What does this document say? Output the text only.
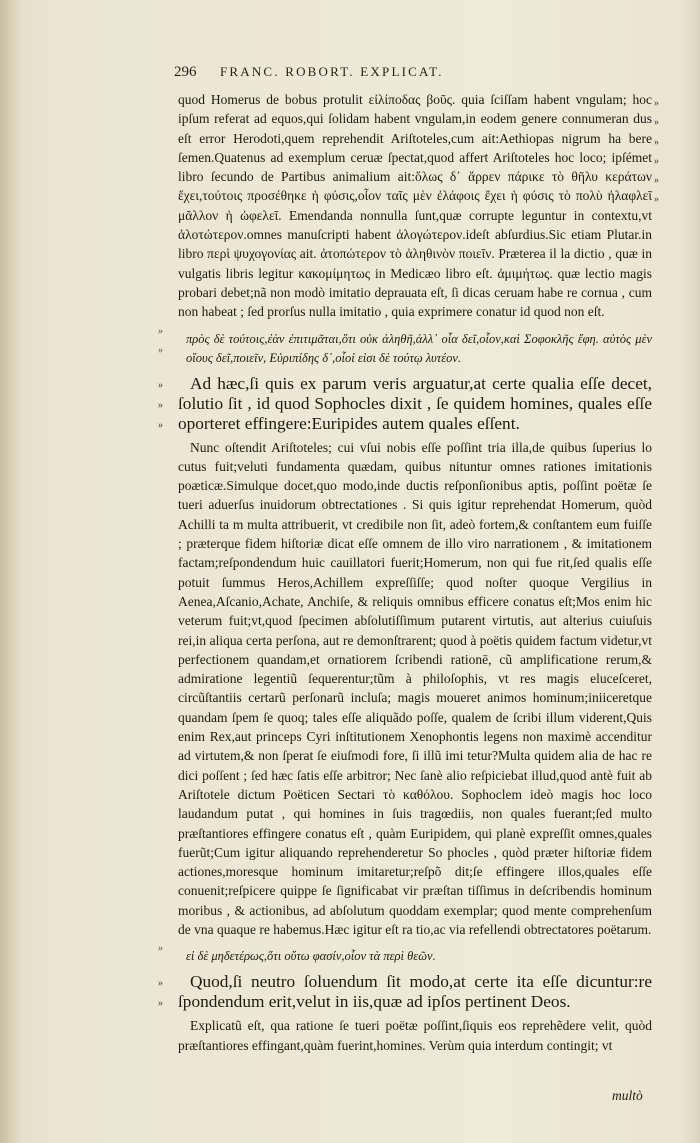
296 FRANC. ROBORT. EXPLICAT.
»
»
»
»
»
»

quod Homerus de bobus protulit εἰλίποδας βοῦς. quia ſciſſam habent vngulam; hoc ipſum referat ad equos,qui ſolidam habent vngulam,in eodem genere connumeran dus eſt error Herodoti,quem reprehendit Ariſtoteles,cum ait:Aethiopas nigrum ha bere ſemen.Quatenus ad exemplum ceruæ ſpectat,quod affert Ariſtoteles hoc loco; ipſémet libro ſecundo de Partibus animalium ait:ὅλως δ᾽ ἄρρεν πάρικε τὸ θῆλυ κεράτων ἔχει,τούτοις προσέθηκε ἡ φύσις,οἷον ταῖς μὲν ἐλάφοις ἔχει ἡ φύσις τὸ πολὺ ἠλαφλεῖ μᾶλλον ἡ ὠφελεῖ. Emendanda nonnulla ſunt,quæ corrupte leguntur in contextu,vt ἀλοτώτερον.omnes manuſcripti habent ἀλογώτερον.ideſt abſurdius.Sic etiam Plutar.in libro περὶ ψυχογονίας ait. ἀτοπώτερον τὸ ἀληθινὸν ποιεῖν. Præterea il la dictio , quæ in vulgatis libris legitur κακομίμητως in Medicæo libro eſt. ἀμιμήτως. quæ lectio magis probari debet;nã non modò imitatio deprauata eſt, ſi dicas ceruam habe re cornua , cum non habeat ; ſed prorſus nulla imitatio , quia exprimere conatur id quod non eſt.

»
»

πρὸς δὲ τούτοις,ἐὰν ἐπιτιμᾶται,ὅτι οὐκ ἀληθῆ,ἀλλ᾽ οἷα δεῖ,οἷον,καὶ Σοφοκλῆς ἔφη. αὐτὸς μὲν οἵους δεῖ,ποιεῖν, Εὐριπίδης δ᾽,οἷοί εἰσι δὲ τούτῳ λυτέον.

»
»
»

Ad hæc,ſi quis ex parum veris arguatur,at certe qualia eſſe decet, ſolutio ſit , id quod Sophocles dixit , ſe quidem homines, quales eſſe oporteret effingere:Euripides autem quales eſſent.

Nunc oſtendit Ariſtoteles; cui vſui nobis eſſe poſſint tria illa,de quibus ſuperius lo cutus fuit;veluti fundamenta quædam, quibus nituntur omnes rationes imitationis poæticæ.Simulque docet,quo modo,inde ductis reſponſionibus aptis, poſſint poëtæ ſe tueri aduerſus inuidorum obtrectationes . Si quis igitur reprehendat Homerum, quòd Achilli ta m multa attribuerit, vt credibile non ſit, adeò fortem,& conſtantem eum fuiſſe ; præterque fidem hiſtoriæ dicat eſſe omnem de illo viro narrationem , & imitationem factam;reſpondendum huic cauillatori fuerit;Homerum, non qui fue rit,ſed qualis eſſe potuit ſummus Heros,Achillem expreſſiſſe; quod noſter quoque Vergilius in Aenea,Aſcanio,Achate, Anchiſe, & reliquis omnibus efficere conatus eſt;Mos enim hic veterum fuit;vt,quod ſpecimen abſolutiſſimum putarent virtutis, aut alterius cuiuſuis rei,in aliqua certa perſona, aut re demonſtrarent; quod à poëtis quidem factum videtur,vt perfectionem quandam,et ornatiorem ſcribendi rationē, cũ amplificatione rerum,& admiratione legentiũ ſequerentur;tũm à philoſophis, vt res magis eluceſceret, circũſtantiis certarũ perſonarũ incluſa; magis moueret animos hominum;iniiceretque quandam ſpem ſe quoq; tales eſſe aliquãdo poſſe, qualem de ſcribi illum viderent,Quis enim Rex,aut princeps Cyri inſtitutionem Xenophontis legens non maximè accenditur ad virtutem,& non ſperat ſe eiuſmodi fore, ſi illũ imi tetur?Multa quidem alia de hac re dici poſſent ; ſed hæc ſatis eſſe arbitror; Nec ſanè alio reſpiciebat illud,quod antè fuit ab Ariſtotele dictum Poëticen Sectari τὸ καθόλου. Sophoclem ideò magis hoc loco laudandum putat , qui homines in ſuis tragœdiis, non quales fuerant;ſed multo præſtantiores effingere conatus eſt , quàm Euripidem, qui planè expreſſit omnes,quales fuerũt;Cum igitur aliquando reprehenderetur So phocles , quòd præter hiſtoriæ fidem actiones,moresque hominum imitaretur;reſpõ dit;ſe effingere illos,quales eſſe conuenit;reſpicere quippe ſe ſignificabat vir præſtan tiſſimus in deſcribendis hominum moribus , & actionibus, ad abſolutum quoddam exemplar; quod mente comprehenſum de vna quaque re habemus.Hæc igitur eſt ra tio,ac via refellendi obtrectatores poëtarum.

»

εἰ δὲ μηδετέρως,ὅτι οὕτω φασίν,οἷον τὰ περὶ θεῶν.

»
»

Quod,ſi neutro ſoluendum ſit modo,at certe ita eſſe dicuntur:re ſpondendum erit,velut in iis,quæ ad ipſos pertinent Deos.

Explicatũ eſt, qua ratione ſe tueri poëtæ poſſint,ſiquis eos reprehẽdere velit, quòd præſtantiores effingant,quàm fuerint,homines. Verùm quia interdum contingit; vt

multò
